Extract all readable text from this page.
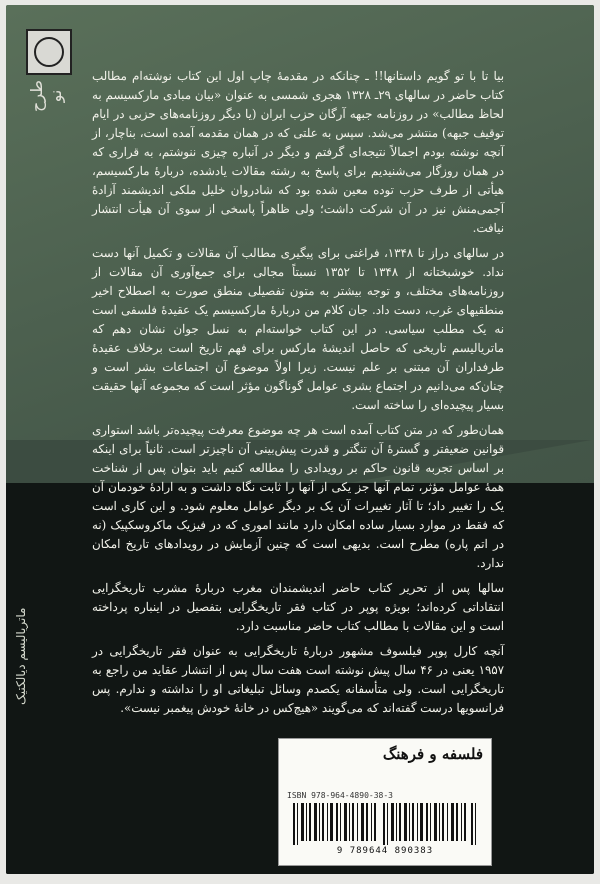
طرح نو
ماتریالیسم دیالکتیک

بیا تا با تو گویم داستانها!! ـ چنانکه در مقدمهٔ چاپ اول این کتاب نوشته‌ام مطالب کتاب حاضر در سالهای ۲۹ـ ۱۳۲۸ هجری شمسی به عنوان «بیان مبادی مارکسیسم به لحاظ مطالب» در روزنامه جبهه آرگان حزب ایران (یا دیگر روزنامه‌های حزبی در ایام توقیف جبهه) منتشر می‌شد. سپس به علتی که در همان مقدمه آمده است، بناچار، از آنچه نوشته بودم اجمالاً نتیجه‌ای گرفتم و دیگر در آنباره چیزی ننوشتم، به قراری که در همان روزگار می‌شنیدیم برای پاسخ به رشته مقالات یادشده، دربارهٔ مارکسیسم، هیأتی از طرف حزب توده معین شده بود که شادروان خلیل ملکی اندیشمند آزادهٔ آجمی‌منش نیز در آن شرکت داشت؛ ولی ظاهراً پاسخی از سوی آن هیأت انتشار نیافت.

در سالهای دراز تا ۱۳۴۸، فراغتی برای پیگیری مطالب آن مقالات و تکمیل آنها دست نداد. خوشبختانه از ۱۳۴۸ تا ۱۳۵۲ نسبتاً مجالی برای جمع‌آوری آن مقالات از روزنامه‌های مختلف، و توجه بیشتر به متون تفصیلی منطق صورت به اصطلاح اخیر منطقیهای غرب، دست داد. جان کلام من دربارهٔ مارکسیسم یک عقیدهٔ فلسفی است نه یک مطلب سیاسی. در این کتاب خواسته‌ام به نسل جوان نشان دهم که ماتریالیسم تاریخی که حاصل اندیشهٔ مارکس برای فهم تاریخ است برخلاف عقیدهٔ طرفداران آن مبتنی بر علم نیست. زیرا اولاً موضوع آن اجتماعات بشر است و چنان‌که می‌دانیم در اجتماع بشری عوامل گوناگون مؤثر است که مجموعه آنها حقیقت بسیار پیچیده‌ای را ساخته است.

همان‌طور که در متن کتاب آمده است هر چه موضوع معرفت پیچیده‌تر باشد استواری قوانین ضعیفتر و گسترهٔ آن تنگتر و قدرت پیش‌بینی آن ناچیزتر است. ثانیاً برای اینکه بر اساس تجربه قانون حاکم بر رویدادی را مطالعه کنیم باید بتوان پس از شناخت همهٔ عوامل مؤثر، تمام آنها جز یکی از آنها را ثابت نگاه داشت و به ارادهٔ خودمان آن یک را تغییر داد؛ تا آثار تغییرات آن یک بر دیگر عوامل معلوم شود. و این کاری است که فقط در موارد بسیار ساده امکان دارد مانند اموری که در فیزیک ماکروسکپیک (نه در اتم پاره) مطرح است. بدیهی است که چنین آزمایش در رویدادهای تاریخ امکان ندارد.

سالها پس از تحریر کتاب حاضر اندیشمندان مغرب دربارهٔ مشرب تاریخگرایی انتقاداتی کرده‌اند؛ بویژه پوپر در کتاب فقر تاریخگرایی بتفصیل در اینباره پرداخته است و این مقالات با مطالب کتاب حاضر مناسبت دارد.

آنچه کارل پوپر فیلسوف مشهور دربارهٔ تاریخگرایی به عنوان فقر تاریخگرایی در ۱۹۵۷ یعنی در ۴۶ سال پیش نوشته است هفت سال پس از انتشار عقاید من راجع به تاریخگرایی است. ولی متأسفانه یکصدم وسائل تبلیغاتی او را نداشته و ندارم. پس فرانسویها درست گفته‌اند که می‌گویند «هیچ‌کس در خانهٔ خودش پیغمبر نیست».

فلسفه و فرهنگ
ISBN 978-964-4890-38-3
9 789644 890383
